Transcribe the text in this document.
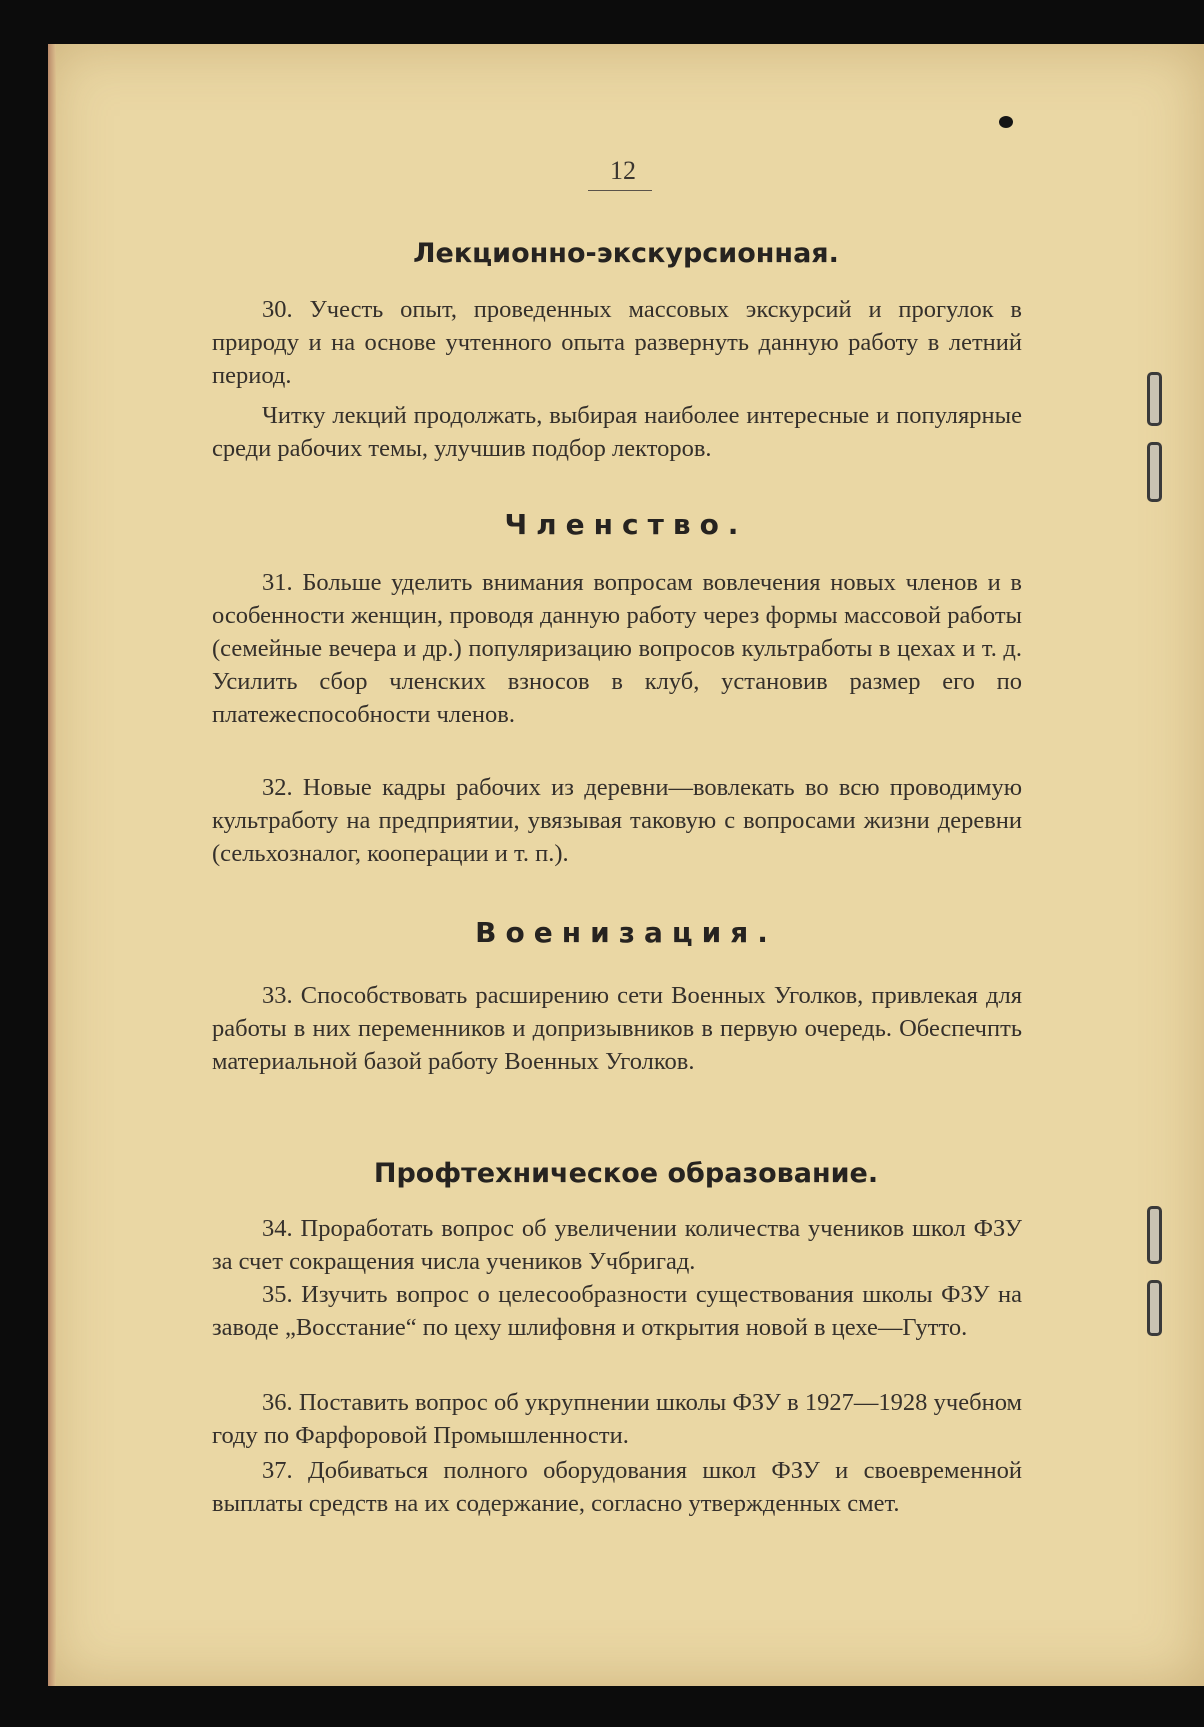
12
Лекционно-экскурсионная.
30. Учесть опыт, проведенных массовых экскурсий и прогулок в природу и на основе учтенного опыта развернуть данную работу в летний период.
Читку лекций продолжать, выбирая наиболее интересные и популярные среди рабочих темы, улучшив подбор лекторов.
Членство.
31. Больше уделить внимания вопросам вовлечения новых членов и в особенности женщин, проводя данную работу через формы массовой работы (семейные вечера и др.) популяризацию вопросов культработы в цехах и т. д. Усилить сбор членских взносов в клуб, установив размер его по платежеспособности членов.
32. Новые кадры рабочих из деревни—вовлекать во всю проводимую культработу на предприятии, увязывая таковую с вопросами жизни деревни (сельхозналог, кооперации и т. п.).
Военизация.
33. Способствовать расширению сети Военных Уголков, привлекая для работы в них переменников и допризывников в первую очередь. Обеспечпть материальной базой работу Военных Уголков.
Профтехническое образование.
34. Проработать вопрос об увеличении количества учеников школ ФЗУ за счет сокращения числа учеников Учбригад.
35. Изучить вопрос о целесообразности существования школы ФЗУ на заводе „Восстание“ по цеху шлифовня и открытия новой в цехе—Гутто.
36. Поставить вопрос об укрупнении школы ФЗУ в 1927—1928 учебном году по Фарфоровой Промышленности.
37. Добиваться полного оборудования школ ФЗУ и своевременной выплаты средств на их содержание, согласно утвержденных смет.
